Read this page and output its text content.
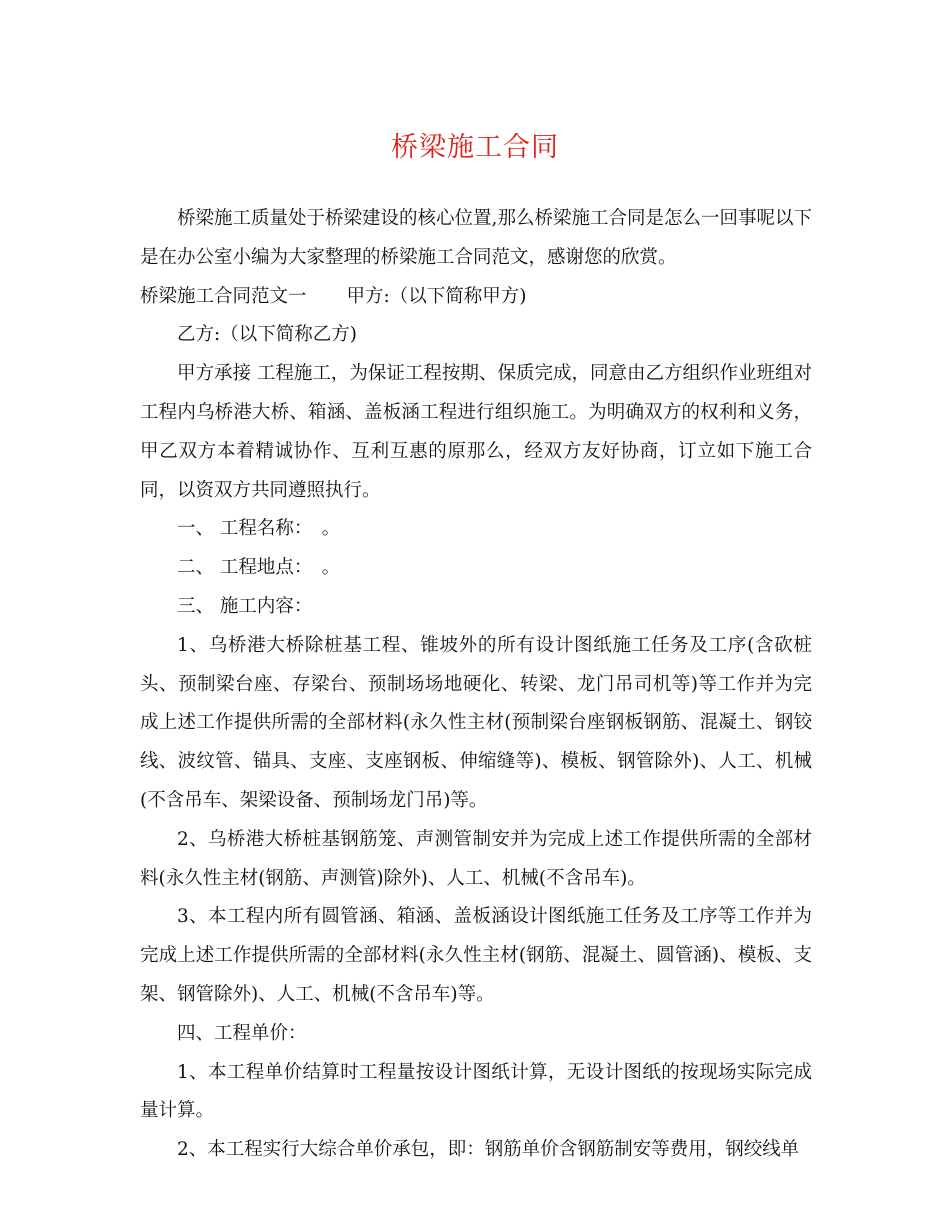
桥梁施工合同

桥梁施工质量处于桥梁建设的核心位置,那么桥梁施工合同是怎么一回事呢以下是在办公室小编为大家整理的桥梁施工合同范文，感谢您的欣赏。

桥梁施工合同范文一 甲方:（以下简称甲方)

乙方:（以下简称乙方)

甲方承接 工程施工，为保证工程按期、保质完成，同意由乙方组织作业班组对工程内乌桥港大桥、箱涵、盖板涵工程进行组织施工。为明确双方的权利和义务，甲乙双方本着精诚协作、互利互惠的原那么，经双方友好协商，订立如下施工合同，以资双方共同遵照执行。

一、 工程名称：　。

二、 工程地点：　。

三、 施工内容：

1、乌桥港大桥除桩基工程、锥坡外的所有设计图纸施工任务及工序(含砍桩头、预制梁台座、存梁台、预制场场地硬化、转梁、龙门吊司机等)等工作并为完成上述工作提供所需的全部材料(永久性主材(预制梁台座钢板钢筋、混凝土、钢铰线、波纹管、锚具、支座、支座钢板、伸缩缝等)、模板、钢管除外)、人工、机械(不含吊车、架梁设备、预制场龙门吊)等。

2、乌桥港大桥桩基钢筋笼、声测管制安并为完成上述工作提供所需的全部材料(永久性主材(钢筋、声测管)除外)、人工、机械(不含吊车)。

3、本工程内所有圆管涵、箱涵、盖板涵设计图纸施工任务及工序等工作并为完成上述工作提供所需的全部材料(永久性主材(钢筋、混凝土、圆管涵)、模板、支架、钢管除外)、人工、机械(不含吊车)等。

四、工程单价：

1、本工程单价结算时工程量按设计图纸计算，无设计图纸的按现场实际完成量计算。

2、本工程实行大综合单价承包，即：钢筋单价含钢筋制安等费用，钢绞线单
